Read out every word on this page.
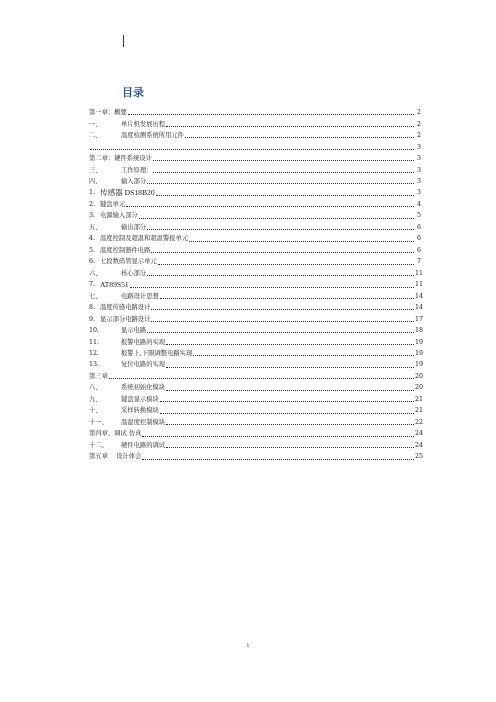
目录
第一章：概要	2
一、	单片机发展历程	2
二、	温度检测系统所用元件	2
3
第二章：硬件系统设计	3
三、	工作原理：	3
四、	输入部分	3
1. 传感器 DS18B20	3
2. 键盘单元	4
3. 电源输入部分	5
五、	输出部分	6
4. 温度控制及超温和超温警报单元	6
5. 温度控制器件电路	6
6. 七段数码管显示单元	7
六、	核心部分	11
7. AT89S51	11
七、	电路设计思想	14
8. 温度传感电路设计	14
9. 显示部分电路设计	17
10.	显示电路	18
11.	报警电路的实现	19
12.	报警上,下限调整电路实现	19
13.	复位电路的实现	19
第三章	20
八、	系统初始化模块	20
九、	键盘显示模块	21
十、	采样转换模块	21
十一、	温湿度控制模块	22
第四章、调试 仿真	24
十二、	硬件电路的调试	24
第五章　 设计体会	25
1
